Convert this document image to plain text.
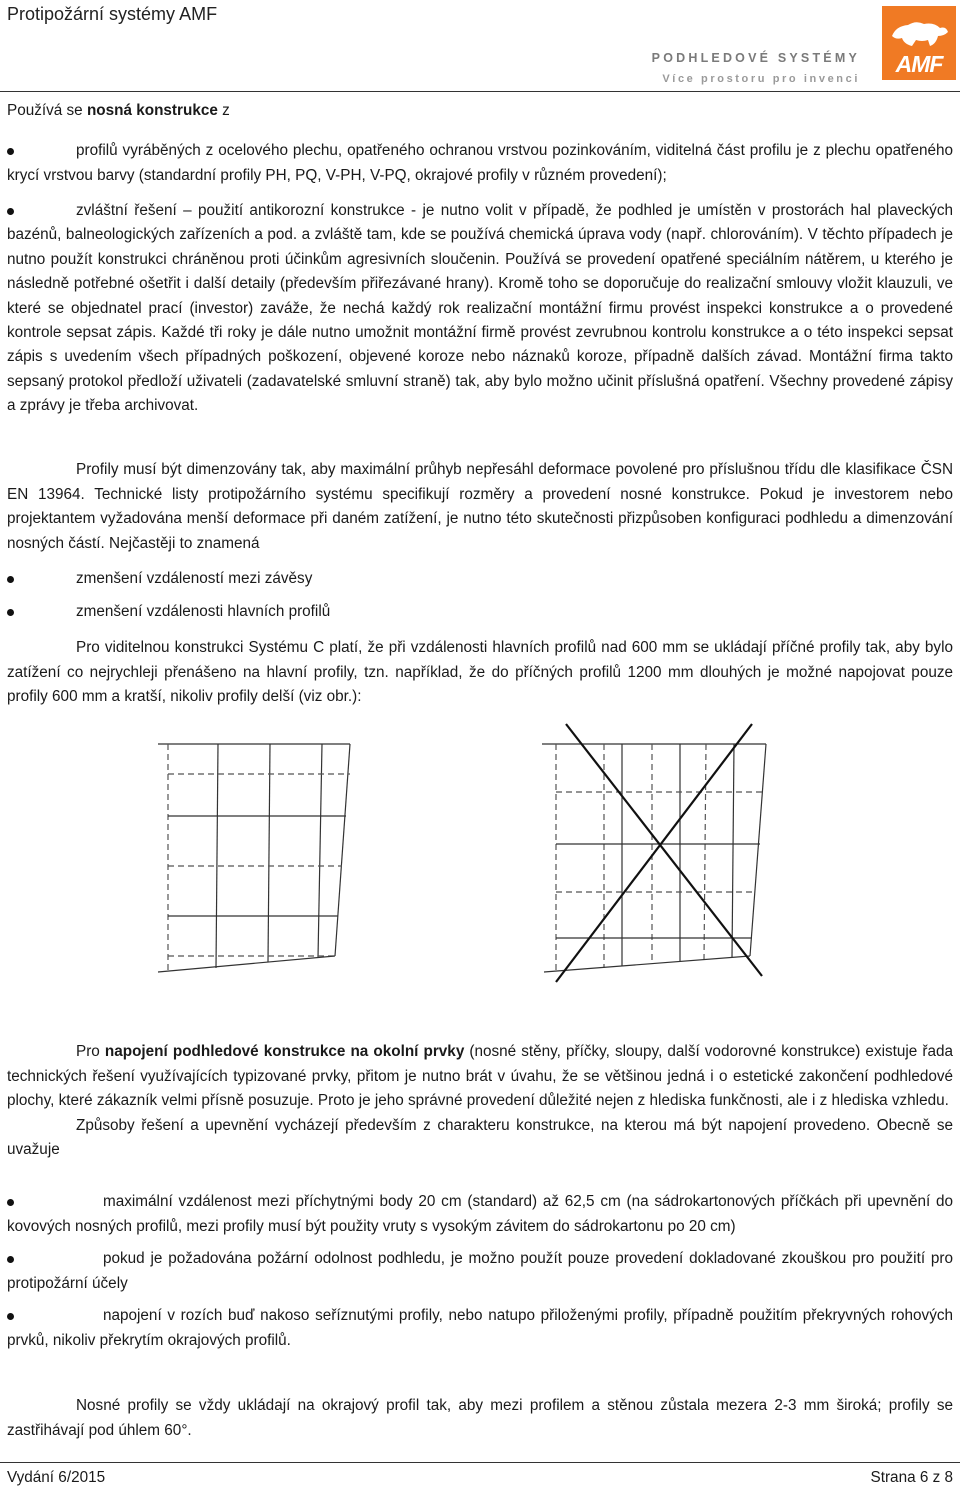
Protipožární systémy AMF
PODHLEDOVÉ SYSTÉMY
Více prostoru pro invenci
AMF

Používá se nosná konstrukce z

profilů vyráběných z ocelového plechu, opatřeného ochranou vrstvou pozinkováním, viditelná část profilu je z plechu opatřeného krycí vrstvou barvy (standardní profily PH, PQ, V-PH, V-PQ, okrajové profily v různém provedení);

zvláštní řešení – použití antikorozní konstrukce - je nutno volit v případě, že podhled je umístěn v prostorách hal plaveckých bazénů, balneologických zařízeních a pod. a zvláště tam, kde se používá chemická úprava vody (např. chlorováním). V těchto případech je nutno použít konstrukci chráněnou proti účinkům agresivních sloučenin. Používá se provedení opatřené speciálním nátěrem, u kterého je následně potřebné ošetřit i další detaily (především přiřezávané hrany). Kromě toho se doporučuje do realizační smlouvy vložit klauzuli, ve které se objednatel prací (investor) zaváže, že nechá každý rok realizační montážní firmu provést inspekci konstrukce a o provedené kontrole sepsat zápis. Každé tři roky je dále nutno umožnit montážní firmě provést zevrubnou kontrolu konstrukce a o této inspekci sepsat zápis s uvedením všech případných poškození, objevené koroze nebo náznaků koroze, případně dalších závad. Montážní firma takto sepsaný protokol předloží uživateli (zadavatelské smluvní straně) tak, aby bylo možno učinit příslušná opatření. Všechny provedené zápisy a zprávy je třeba archivovat.

Profily musí být dimenzovány tak, aby maximální průhyb nepřesáhl deformace povolené pro příslušnou třídu dle klasifikace ČSN EN 13964. Technické listy protipožárního systému specifikují rozměry a provedení nosné konstrukce. Pokud je investorem nebo projektantem vyžadována menší deformace při daném zatížení, je nutno této skutečnosti přizpůsoben konfiguraci podhledu a dimenzování nosných částí. Nejčastěji to znamená

zmenšení vzdáleností mezi závěsy

zmenšení vzdálenosti hlavních profilů

Pro viditelnou konstrukci Systému C platí, že při vzdálenosti hlavních profilů nad 600 mm se ukládají příčné profily tak, aby bylo zatížení co nejrychleji přenášeno na hlavní profily, tzn. například, že do příčných profilů 1200 mm dlouhých je možné napojovat pouze profily 600 mm a kratší, nikoliv profily delší (viz obr.):

Pro napojení podhledové konstrukce na okolní prvky (nosné stěny, příčky, sloupy, další vodorovné konstrukce) existuje řada technických řešení využívajících typizované prvky, přitom je nutno brát v úvahu, že se většinou jedná i o estetické zakončení podhledové plochy, které zákazník velmi přísně posuzuje. Proto je jeho správné provedení důležité nejen z hlediska funkčnosti, ale i z hlediska vzhledu.

Způsoby řešení a upevnění vycházejí především z charakteru konstrukce, na kterou má být napojení provedeno. Obecně se uvažuje

maximální vzdálenost mezi příchytnými body 20 cm (standard) až 62,5 cm (na sádrokartonových příčkách při upevnění do kovových nosných profilů, mezi profily musí být použity vruty s vysokým závitem do sádrokartonu po 20 cm)

pokud je požadována požární odolnost podhledu, je možno použít pouze provedení dokladované zkouškou pro použití pro protipožární účely

napojení v rozích buď nakoso seříznutými profily, nebo natupo přiloženými profily, případně použitím překryvných rohových prvků, nikoliv překrytím okrajových profilů.

Nosné profily se vždy ukládají na okrajový profil tak, aby mezi profilem a stěnou zůstala mezera 2-3 mm široká; profily se zastřihávají pod úhlem 60°.

Vydání 6/2015	Strana 6 z 8
